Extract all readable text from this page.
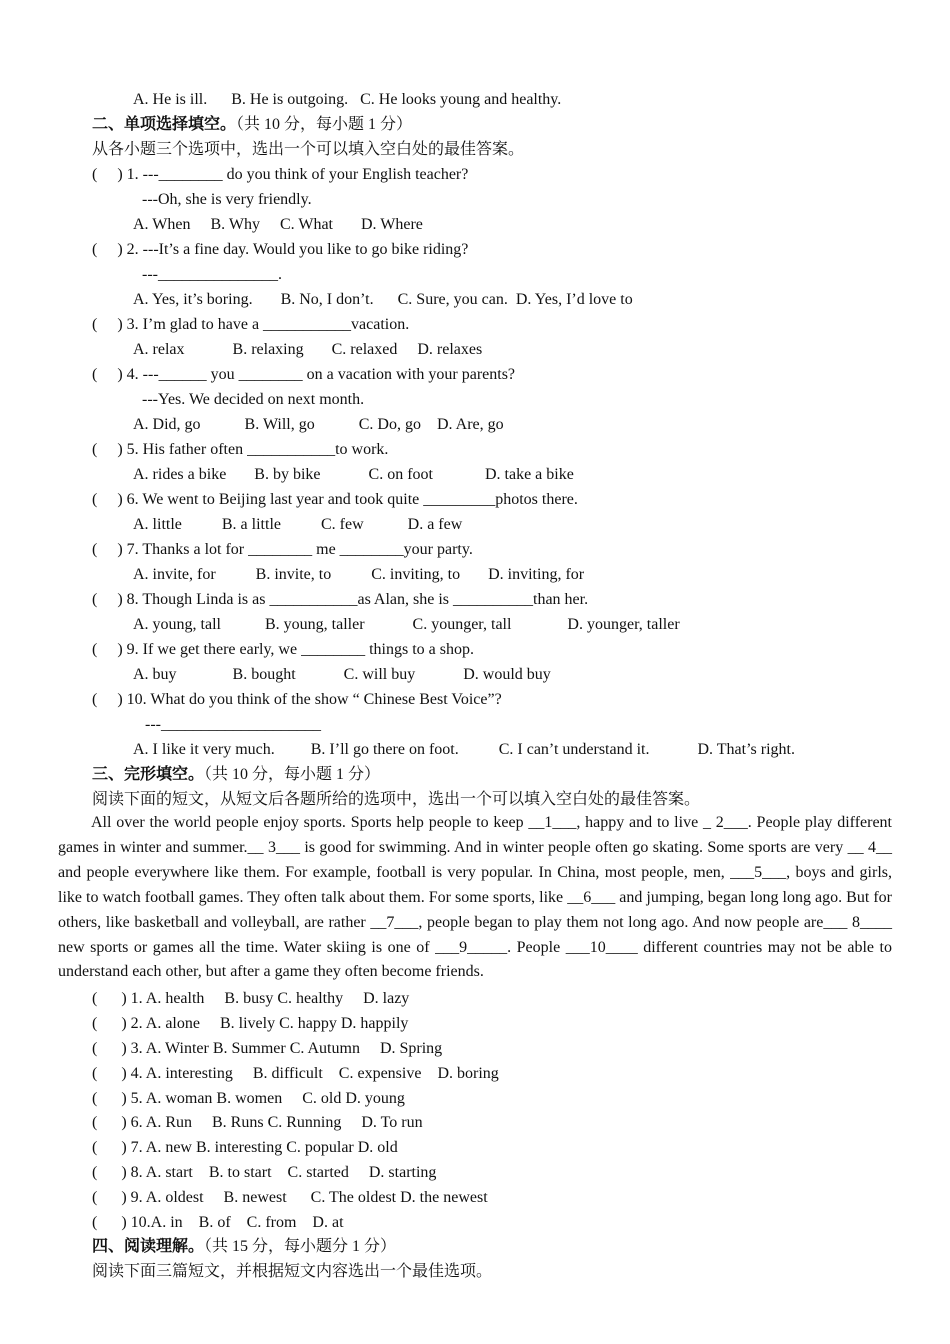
A. He is ill.      B. He is outgoing.   C. He looks young and healthy.
二、单项选择填空。（共 10 分，每小题 1 分）
从各小题三个选项中，选出一个可以填入空白处的最佳答案。
(     ) 1. ---________ do you think of your English teacher?
---Oh, she is very friendly.
A. When     B. Why     C. What       D. Where
(     ) 2. ---It’s a fine day. Would you like to go bike riding?
---_______________.
A. Yes, it’s boring.       B. No, I don’t.      C. Sure, you can.  D. Yes, I’d love to
(     ) 3. I’m glad to have a ___________vacation.
A. relax            B. relaxing       C. relaxed     D. relaxes
(     ) 4. ---______ you ________ on a vacation with your parents?
---Yes. We decided on next month.
A. Did, go           B. Will, go           C. Do, go    D. Are, go
(     ) 5. His father often ___________to work.
A. rides a bike       B. by bike            C. on foot             D. take a bike
(     ) 6. We went to Beijing last year and took quite _________photos there.
A. little          B. a little          C. few           D. a few
(     ) 7. Thanks a lot for ________ me ________your party.
A. invite, for          B. invite, to          C. inviting, to       D. inviting, for
(     ) 8. Though Linda is as ___________as Alan, she is __________than her.
A. young, tall           B. young, taller            C. younger, tall              D. younger, taller
(     ) 9. If we get there early, we ________ things to a shop.
A. buy              B. bought            C. will buy            D. would buy
(     ) 10. What do you think of the show “ Chinese Best Voice”?
---____________________
A. I like it very much.         B. I’ll go there on foot.          C. I can’t understand it.            D. That’s right.
三、完形填空。（共 10 分，每小题 1 分）
阅读下面的短文，从短文后各题所给的选项中，选出一个可以填入空白处的最佳答案。

All over the world people enjoy sports. Sports help people to keep __1___, happy and to live _ 2___. People play different games in winter and summer.__ 3___ is good for swimming. And in winter people often go skating. Some sports are very __ 4__ and people everywhere like them. For example, football is very popular. In China, most people, men, ___5___, boys and girls, like to watch football games. They often talk about them. For some sports, like __6___ and jumping, began long long ago. But for others, like basketball and volleyball, are rather __7___, people began to play them not long ago. And now people are___ 8____ new sports or games all the time. Water skiing is one of ___9_____. People ___10____ different countries may not be able to understand each other, but after a game they often become friends.

(      ) 1. A. health     B. busy C. healthy     D. lazy
(      ) 2. A. alone     B. lively C. happy D. happily
(      ) 3. A. Winter B. Summer C. Autumn     D. Spring
(      ) 4. A. interesting     B. difficult    C. expensive    D. boring
(      ) 5. A. woman B. women     C. old D. young
(      ) 6. A. Run     B. Runs C. Running     D. To run
(      ) 7. A. new B. interesting C. popular D. old
(      ) 8. A. start    B. to start    C. started     D. starting
(      ) 9. A. oldest     B. newest      C. The oldest D. the newest
(      ) 10.A. in    B. of    C. from    D. at
四、阅读理解。（共 15 分，每小题分 1 分）
阅读下面三篇短文，并根据短文内容选出一个最佳选项。
